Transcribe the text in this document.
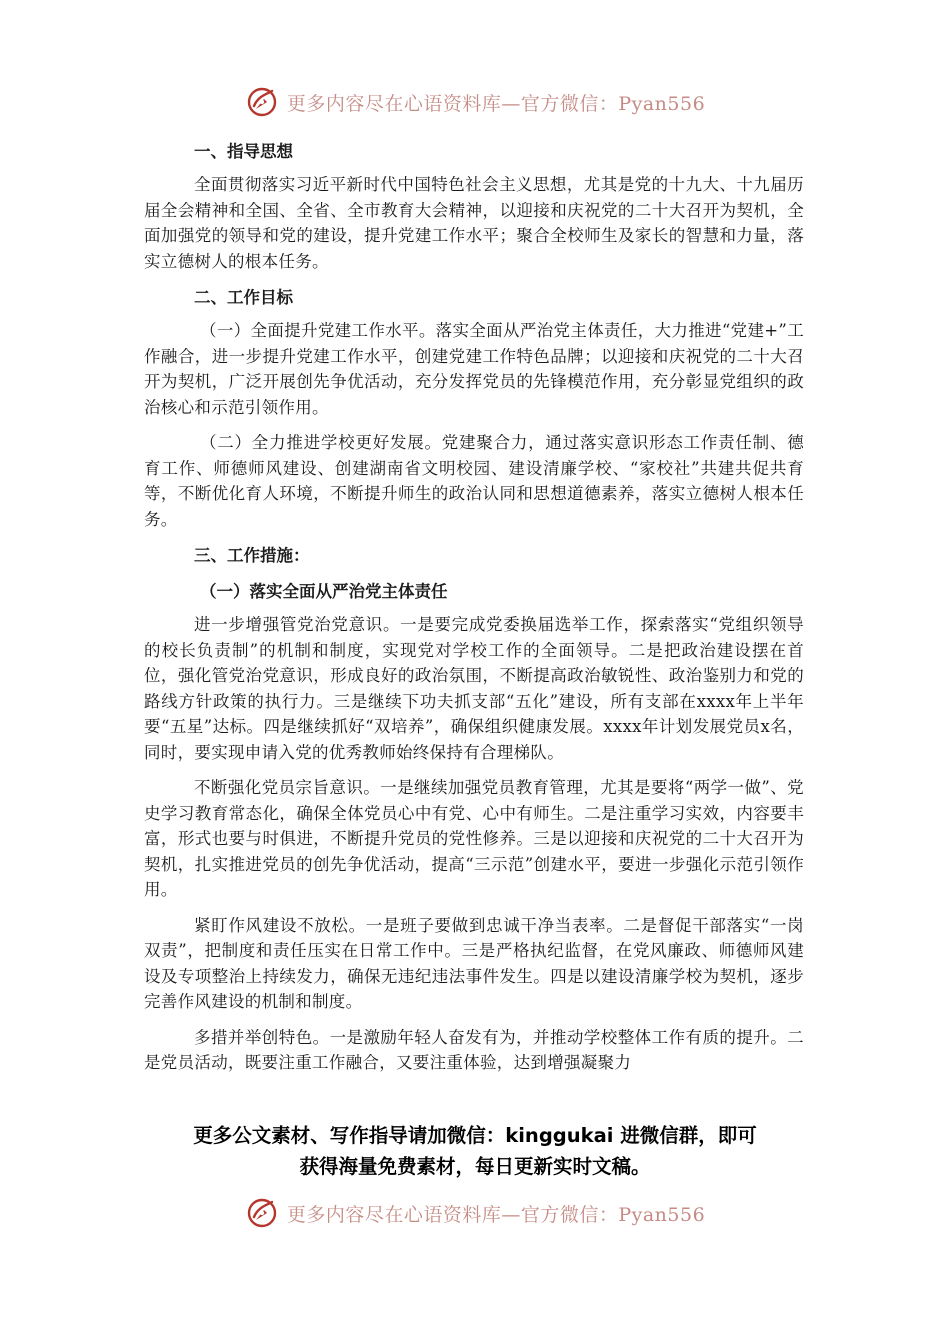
更多内容尽在心语资料库—官方微信：Pyan556
一、指导思想

全面贯彻落实习近平新时代中国特色社会主义思想，尤其是党的十九大、十九届历届全会精神和全国、全省、全市教育大会精神，以迎接和庆祝党的二十大召开为契机，全面加强党的领导和党的建设，提升党建工作水平；聚合全校师生及家长的智慧和力量，落实立德树人的根本任务。

二、工作目标

（一）全面提升党建工作水平。落实全面从严治党主体责任，大力推进“党建+”工作融合，进一步提升党建工作水平，创建党建工作特色品牌；以迎接和庆祝党的二十大召开为契机，广泛开展创先争优活动，充分发挥党员的先锋模范作用，充分彰显党组织的政治核心和示范引领作用。

（二）全力推进学校更好发展。党建聚合力，通过落实意识形态工作责任制、德育工作、师德师风建设、创建湖南省文明校园、建设清廉学校、“家校社”共建共促共育等，不断优化育人环境，不断提升师生的政治认同和思想道德素养，落实立德树人根本任务。

三、工作措施：
（一）落实全面从严治党主体责任

进一步增强管党治党意识。一是要完成党委换届选举工作，探索落实“党组织领导的校长负责制”的机制和制度，实现党对学校工作的全面领导。二是把政治建设摆在首位，强化管党治党意识，形成良好的政治氛围，不断提高政治敏锐性、政治鉴别力和党的路线方针政策的执行力。三是继续下功夫抓支部“五化”建设，所有支部在xxxx年上半年要“五星”达标。四是继续抓好“双培养”，确保组织健康发展。xxxx年计划发展党员x名，同时，要实现申请入党的优秀教师始终保持有合理梯队。

不断强化党员宗旨意识。一是继续加强党员教育管理，尤其是要将“两学一做”、党史学习教育常态化，确保全体党员心中有党、心中有师生。二是注重学习实效，内容要丰富，形式也要与时俱进，不断提升党员的党性修养。三是以迎接和庆祝党的二十大召开为契机，扎实推进党员的创先争优活动，提高“三示范”创建水平，要进一步强化示范引领作用。

紧盯作风建设不放松。一是班子要做到忠诚干净当表率。二是督促干部落实“一岗双责”，把制度和责任压实在日常工作中。三是严格执纪监督，在党风廉政、师德师风建设及专项整治上持续发力，确保无违纪违法事件发生。四是以建设清廉学校为契机，逐步完善作风建设的机制和制度。

多措并举创特色。一是激励年轻人奋发有为，并推动学校整体工作有质的提升。二是党员活动，既要注重工作融合，又要注重体验，达到增强凝聚力

更多公文素材、写作指导请加微信：kinggukai 进微信群，即可
获得海量免费素材，每日更新实时文稿。
更多内容尽在心语资料库—官方微信：Pyan556
